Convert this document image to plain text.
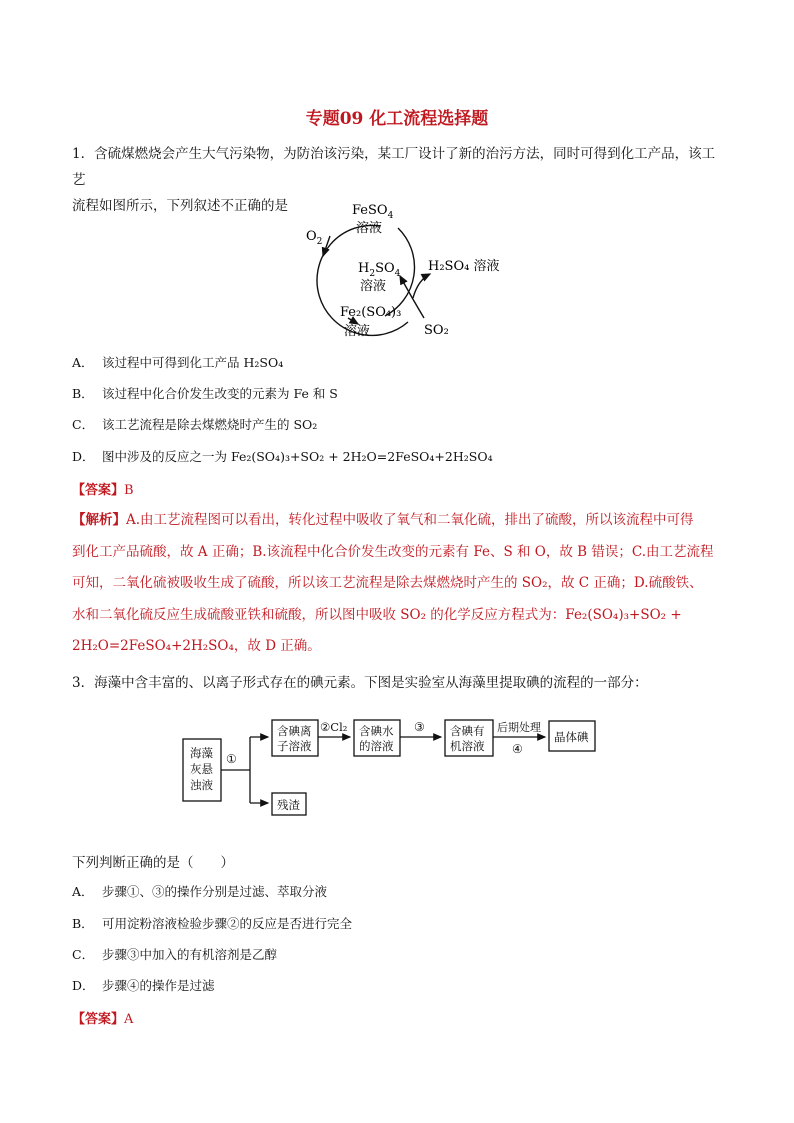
专题09 化工流程选择题
1．含硫煤燃烧会产生大气污染物，为防治该污染，某工厂设计了新的治污方法，同时可得到化工产品，该工艺
流程如图所示，下列叙述不正确的是	FeSO$_4$
溶液
$O_2$
$H_2SO_4$
溶液
H₂SO₄ 溶液
Fe₂(SO₄)₃
溶液	SO₂
A． 该过程中可得到化工产品 H₂SO₄
B． 该过程中化合价发生改变的元素为 Fe 和 S
C． 该工艺流程是除去煤燃烧时产生的 SO₂
D． 图中涉及的反应之一为 Fe₂(SO₄)₃+SO₂ + 2H₂O=2FeSO₄+2H₂SO₄
【答案】B
【解析】A.由工艺流程图可以看出，转化过程中吸收了氧气和二氧化硫，排出了硫酸，所以该流程中可得
到化工产品硫酸，故 A 正确；B.该流程中化合价发生改变的元素有 Fe、S 和 O，故 B 错误；C.由工艺流程
可知，二氧化硫被吸收生成了硫酸，所以该工艺流程是除去煤燃烧时产生的 SO₂，故 C 正确；D.硫酸铁、
水和二氧化硫反应生成硫酸亚铁和硫酸，所以图中吸收 SO₂ 的化学反应方程式为：Fe₂(SO₄)₃+SO₂ +
2H₂O=2FeSO₄+2H₂SO₄，故 D 正确。
3．海藻中含丰富的、以离子形式存在的碘元素。下图是实验室从海藻里提取碘的流程的一部分：
海藻
灰悬
浊液
①
含碘离
子溶液
②Cl₂ 含碘水
的溶液
③ 含碘有
机溶液
后期处理
④
晶体碘
残渣
下列判断正确的是（　　）
A． 步骤①、③的操作分别是过滤、萃取分液
B． 可用淀粉溶液检验步骤②的反应是否进行完全
C． 步骤③中加入的有机溶剂是乙醇
D． 步骤④的操作是过滤
【答案】A
